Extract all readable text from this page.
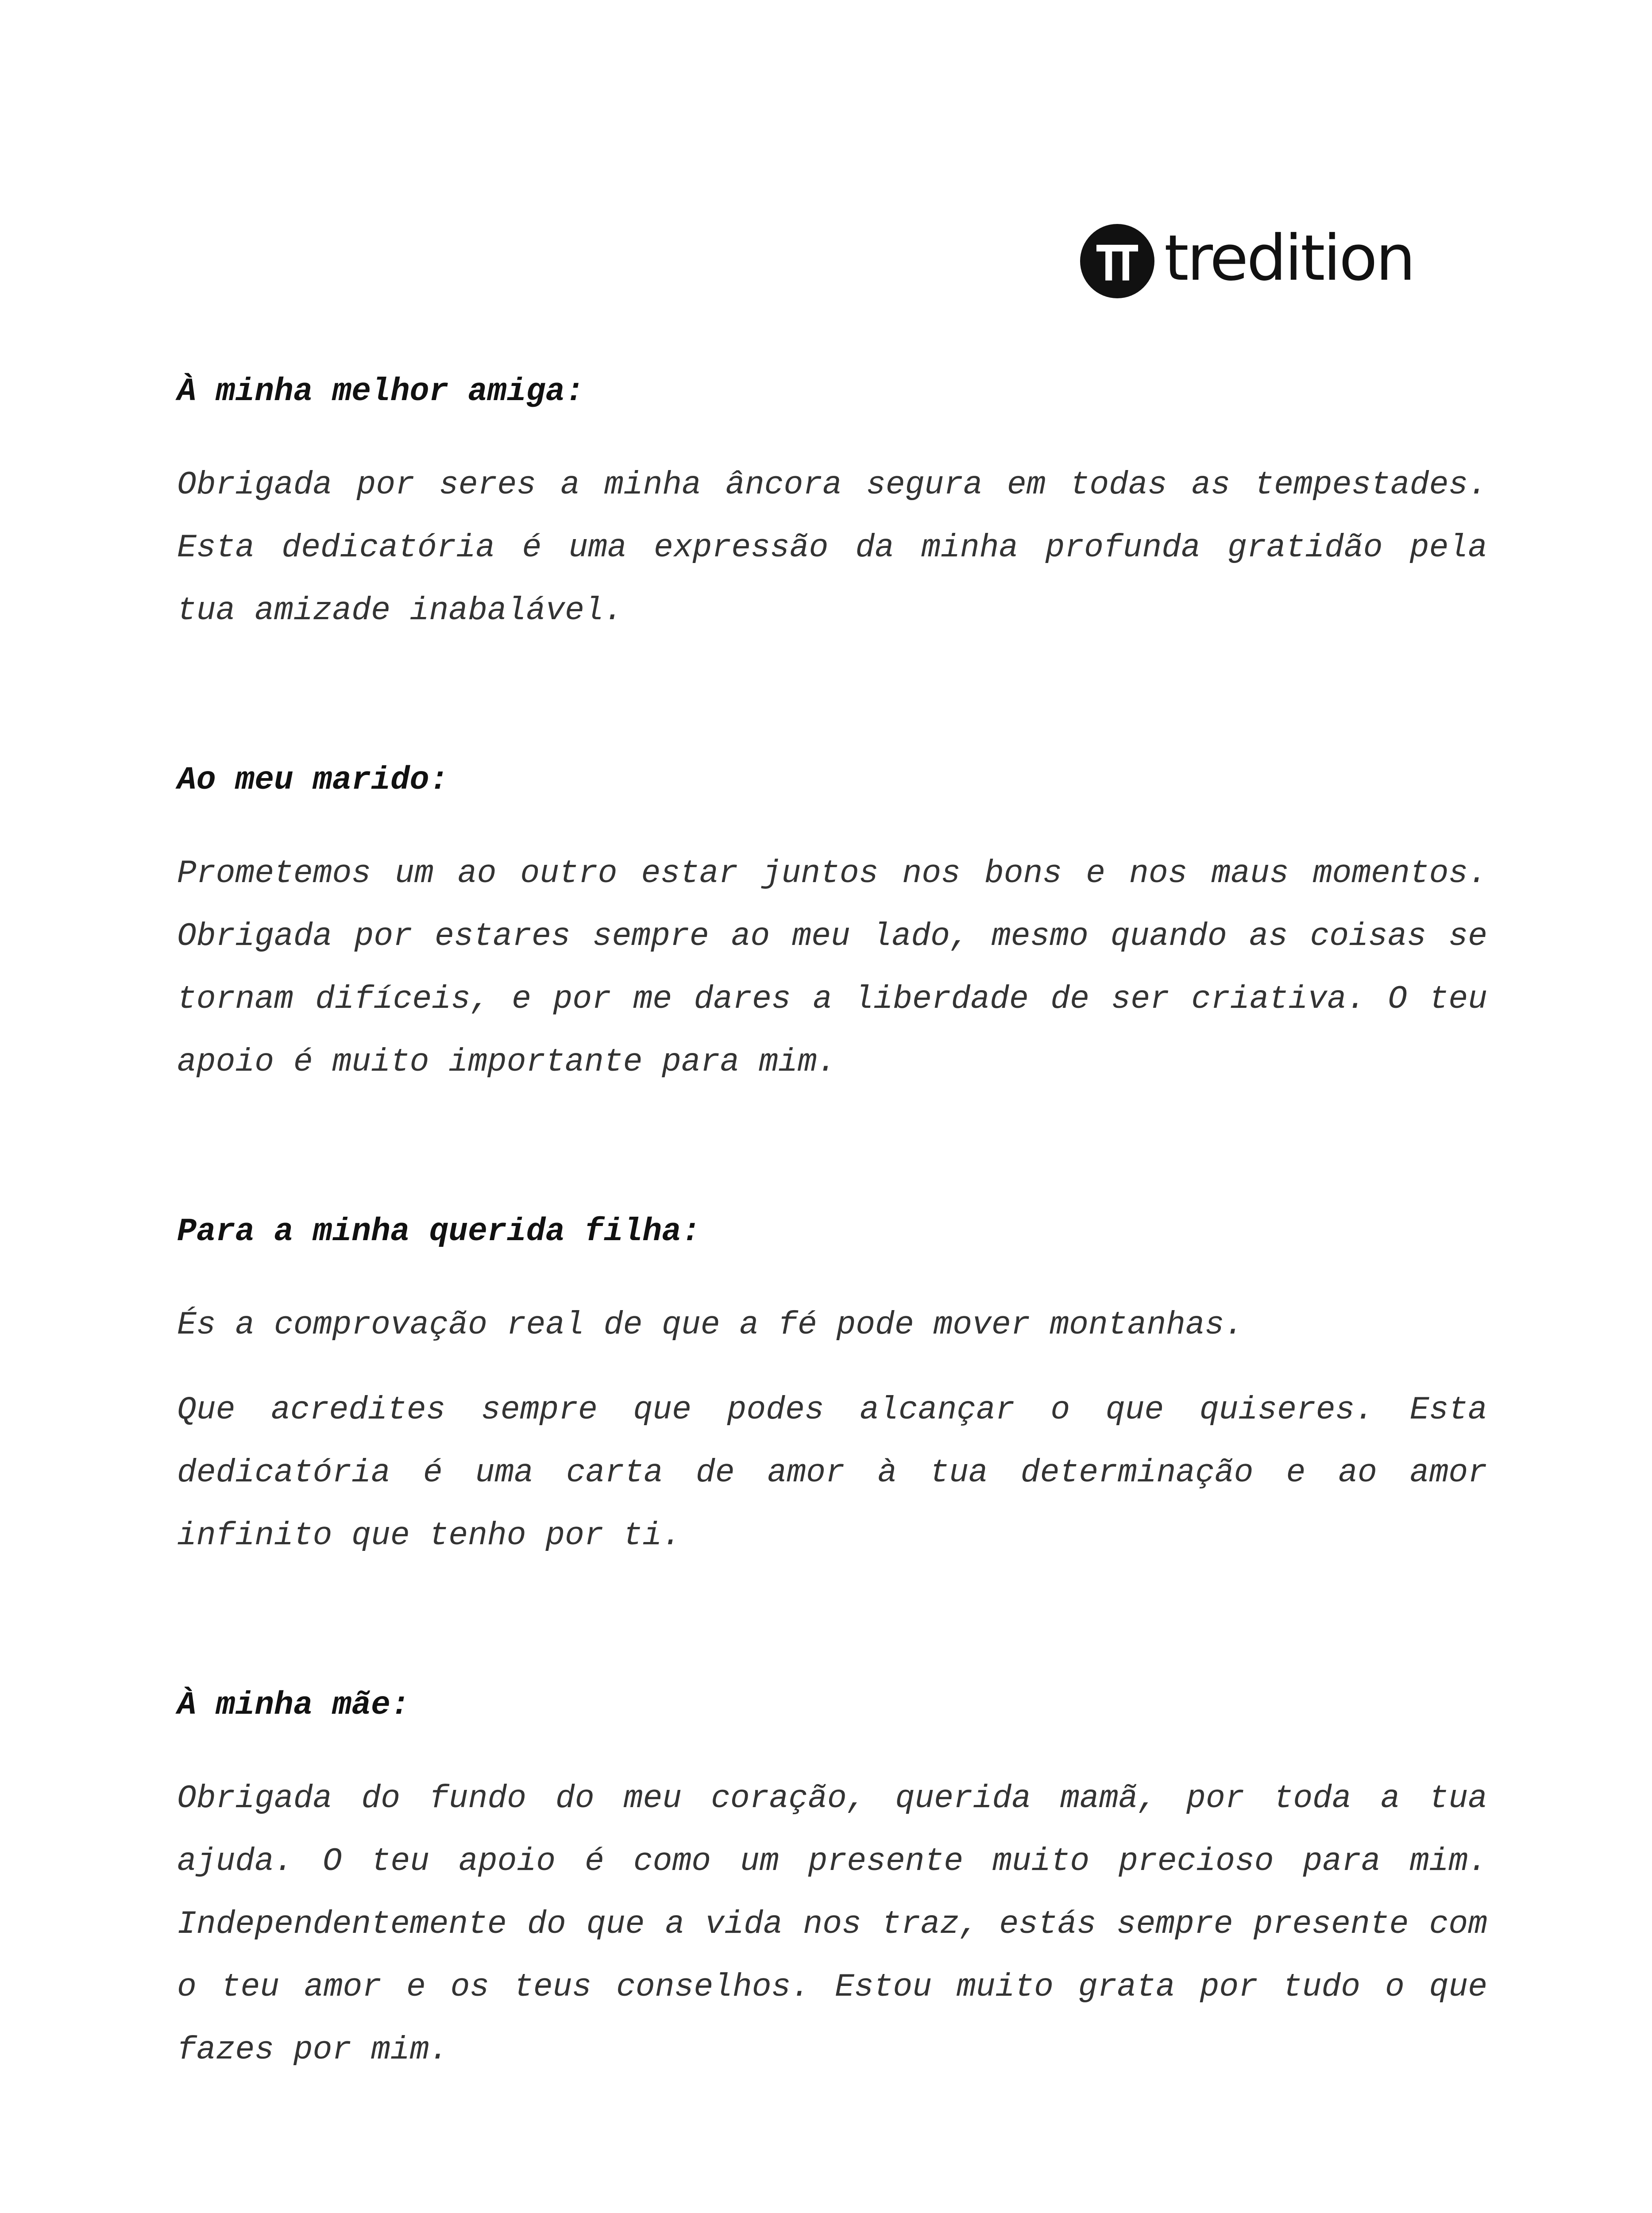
tredition

À minha melhor amiga:

Obrigada por seres a minha âncora segura em todas as tempestades. Esta dedicatória é uma expressão da minha profunda gratidão pela tua amizade inabalável.

Ao meu marido:

Prometemos um ao outro estar juntos nos bons e nos maus momentos. Obrigada por estares sempre ao meu lado, mesmo quando as coisas se tornam difíceis, e por me dares a liberdade de ser criativa. O teu apoio é muito importante para mim.

Para a minha querida filha:

És a comprovação real de que a fé pode mover montanhas.

Que acredites sempre que podes alcançar o que quiseres. Esta dedicatória é uma carta de amor à tua determinação e ao amor infinito que tenho por ti.

À minha mãe:

Obrigada do fundo do meu coração, querida mamã, por toda a tua ajuda. O teu apoio é como um presente muito precioso para mim. Independentemente do que a vida nos traz, estás sempre presente com o teu amor e os teus conselhos. Estou muito grata por tudo o que fazes por mim.
